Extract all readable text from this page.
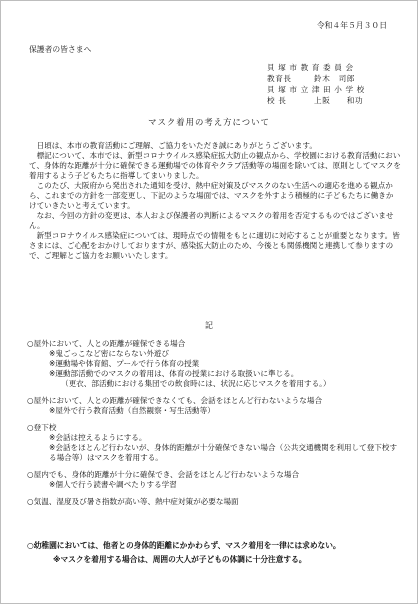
令和４年５月３０日
保護者の皆さまへ
貝 塚 市 教 育 委 員 会
教育長	鈴木　司郎
貝 塚 市 立 津 田 小 学 校
校 長	上阪　　和功
マスク着用の考え方について

日頃は、本市の教育活動にご理解、ご協力をいただき誠にありがとうございます。

標記について、本市では、新型コロナウイルス感染症拡大防止の観点から、学校園における教育活動において、身体的な距離が十分に確保できる運動場での体育やクラブ活動等の場面を除いては、原則としてマスクを着用するよう子どもたちに指導してまいりました。

このたび、大阪府から発出された通知を受け、熱中症対策及びマスクのない生活への適応を進める観点から、これまでの方針を一部変更し、下記のような場面では、マスクを外すよう積極的に子どもたちに働きかけていきたいと考えています。

なお、今回の方針の変更は、本人および保護者の判断によるマスクの着用を否定するものではございません。

新型コロナウイルス感染症については、現時点での情報をもとに適切に対応することが重要となります。皆さまには、ご心配をおかけしておりますが、感染拡大防止のため、今後とも関係機関と連携して参りますので、ご理解とご協力をお願いいたします。

記
○屋外において、人との距離が確保できる場合
※鬼ごっこなど密にならない外遊び
※運動場や体育館、プールで行う体育の授業
※運動部活動でのマスクの着用は、体育の授業における取扱いに準じる。
（更衣、部活動における集団での飲食時には、状況に応じマスクを着用する。）
○屋外において、人との距離が確保できなくても、会話をほとんど行わないような場合
※屋外で行う教育活動（自然観察・写生活動等）
○登下校
※会話は控えるようにする。
※会話をほとんど行わないが、身体的距離が十分確保できない場合（公共交通機関を利用して登下校する場合等）はマスクを着用する。
○屋内でも、身体的距離が十分に確保でき、会話をほとんど行わないような場合
※個人で行う読書や調べたりする学習
○気温、湿度及び暑さ指数が高い等、熱中症対策が必要な場面
○幼稚園においては、他者との身体的距離にかかわらず、マスク着用を一律には求めない。
※マスクを着用する場合は、周囲の大人が子どもの体調に十分注意する。
